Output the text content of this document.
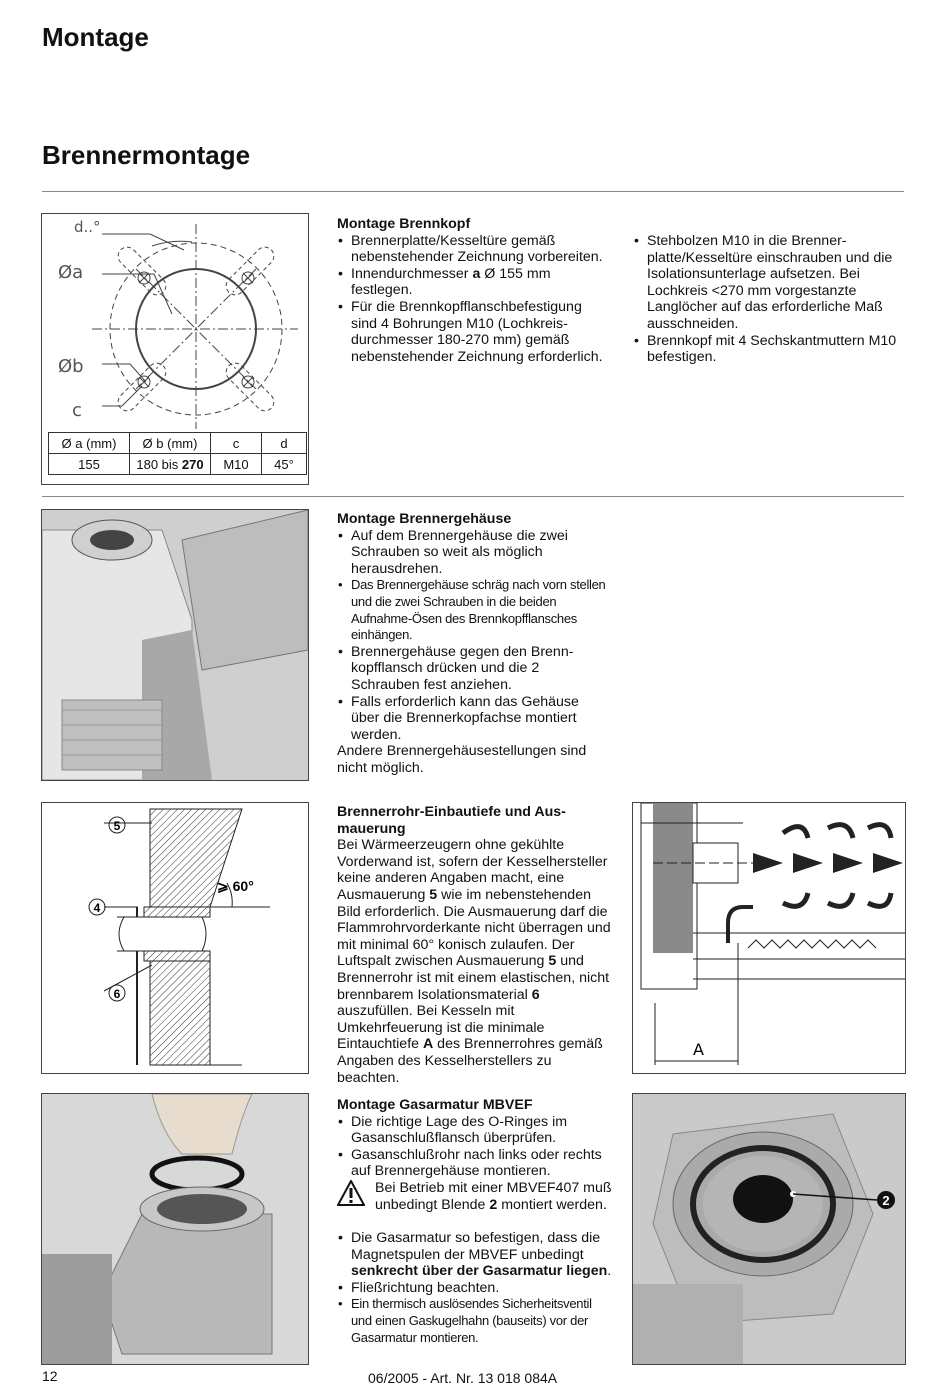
Montage
Brennermontage
d..°
Øa
Øb
c
Ø a (mm)	Ø b (mm)	c	d
155	180 bis 270	M10	45°
Montage Brennkopf
• Brennerplatte/Kesseltüre gemäß nebenstehender Zeichnung vorbereiten.
• Innendurchmesser a Ø 155 mm festlegen.
• Für die Brennkopfflanschbefestigung sind 4 Bohrungen M10 (Lochkreisdurchmesser 180-270 mm) gemäß nebenstehender Zeichnung erforderlich.
• Stehbolzen M10 in die Brennerplatte/Kesseltüre einschrauben und die Isolationsunterlage aufsetzen. Bei Lochkreis <270 mm vorgestanzte Langlöcher auf das erforderliche Maß ausschneiden.
• Brennkopf mit 4 Sechskantmuttern M10 befestigen.
Montage Brennergehäuse
• Auf dem Brennergehäuse die zwei Schrauben so weit als möglich herausdrehen.
• Das Brennergehäuse schräg nach vorn stellen und die zwei Schrauben in die beiden Aufnahme-Ösen des Brennkopfflansches einhängen.
• Brennergehäuse gegen den Brennkopfflansch drücken und die 2 Schrauben fest anziehen.
• Falls erforderlich kann das Gehäuse über die Brennerkopfachse montiert werden.

Andere Brennergehäusestellungen sind nicht möglich.

5
4
6
⩾ 60°
Brennerrohr-Einbautiefe und Ausmauerung

Bei Wärmeerzeugern ohne gekühlte Vorderwand ist, sofern der Kesselhersteller keine anderen Angaben macht, eine Ausmauerung 5 wie im nebenstehenden Bild erforderlich. Die Ausmauerung darf die Flammrohrvorderkante nicht überragen und mit minimal 60° konisch zulaufen. Der Luftspalt zwischen Ausmauerung 5 und Brennerrohr ist mit einem elastischen, nicht brennbarem Isolationsmaterial 6 auszufüllen. Bei Kesseln mit Umkehrfeuerung ist die minimale Eintauchtiefe A des Brennerrohres gemäß Angaben des Kesselherstellers zu beachten.

A
Montage Gasarmatur MBVEF
• Die richtige Lage des O-Ringes im Gasanschlußflansch überprüfen.
• Gasanschlußrohr nach links oder rechts auf Brennergehäuse montieren.
Bei Betrieb mit einer MBVEF407 muß unbedingt Blende 2 montiert werden.
• Die Gasarmatur so befestigen, dass die Magnetspulen der MBVEF unbedingt senkrecht über der Gasarmatur liegen.
• Fließrichtung beachten.
• Ein thermisch auslösendes Sicherheitsventil und einen Gaskugelhahn (bauseits) vor der Gasarmatur montieren.
2
12	06/2005 - Art. Nr. 13 018 084A
